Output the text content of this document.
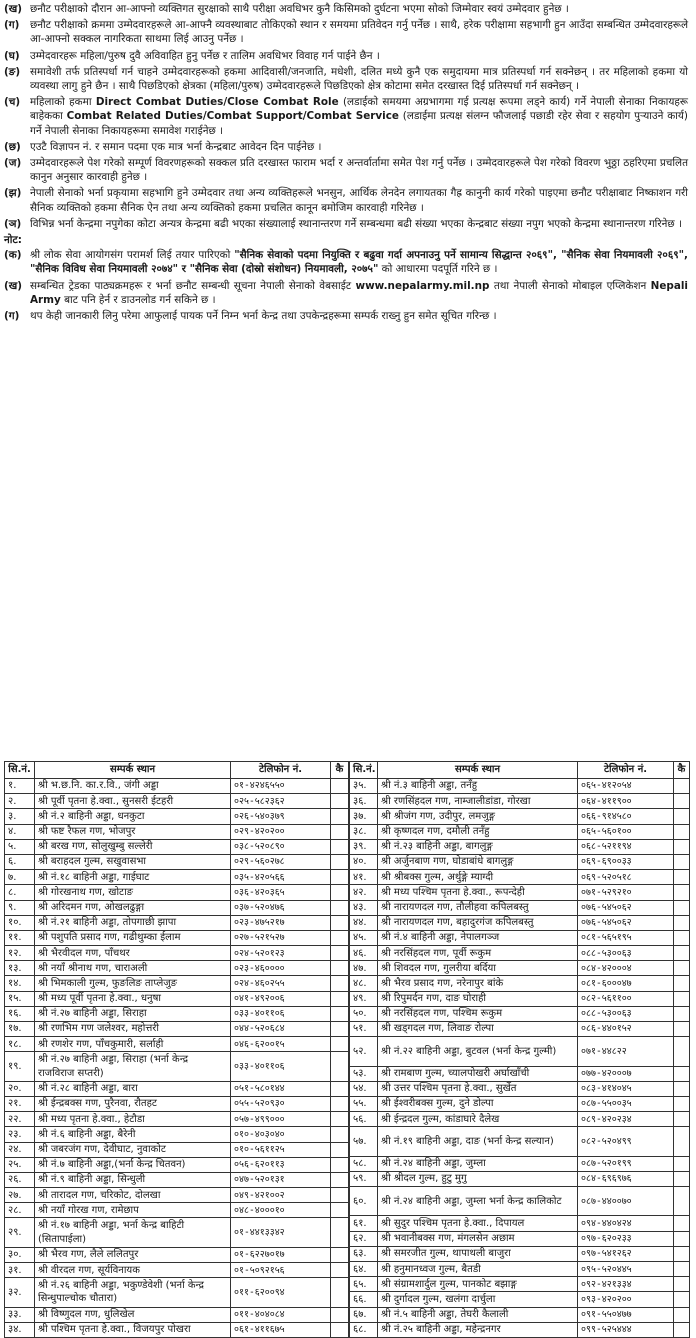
(ख) छनौट परीक्षाको दौरान आ-आफ्नो व्यक्तिगत सुरक्षाको साथै परीक्षा अवधिभर कुनै किसिमको दुर्घटना भएमा सोको जिम्मेवार स्वयं उम्मेदवार हुनेछ ।
(ग)	छनौट परीक्षाको क्रममा उम्मेदवारहरूले आ-आफ्नै व्यवस्थाबाट तोकिएको स्थान र समयमा प्रतिवेदन गर्नु पर्नेछ । साथै, हरेक परीक्षामा सहभागी हुन आउँदा सम्बन्धित उम्मेदवारहरूले आ-आफ्नो सक्कल नागरिकता साथमा लिई आउनु पर्नेछ ।
(घ) उम्मेदवारहरू महिला/पुरुष दुवै अविवाहित हुनु पर्नेछ र तालिम अवधिभर विवाह गर्न पाईने छैन ।
(ङ) समावेशी तर्फ प्रतिस्पर्धा गर्न चाहने उम्मेदवारहरूको हकमा आदिवासी/जनजाति, मधेशी, दलित मध्ये कुनै एक समुदायमा मात्र प्रतिस्पर्धा गर्न सक्नेछन् । तर महिलाको हकमा यो व्यवस्था लागु हुने छैन । साथै पिछडिएको क्षेत्रका (महिला/पुरुष) उम्मेदवारहरूले पिछडिएको क्षेत्र कोटामा समेत दरखास्त दिई प्रतिस्पर्धा गर्न सक्नेछन् ।
(च) महिलाको हकमा Direct Combat Duties/Close Combat Role (लडाईको समयमा अग्रभागमा गई प्रत्यक्ष रूपमा लड्ने कार्य) गर्ने नेपाली सेनाका निकायहरू बाहेकका Combat Related Duties/Combat Support/Combat Service (लडाईमा प्रत्यक्ष संलग्न फौजलाई पछाडी रहेर सेवा र सहयोग पुऱ्याउने कार्य) गर्ने नेपाली सेनाका निकायहरूमा समावेश गराईनेछ ।
(छ) एउटै विज्ञापन नं. र समान पदमा एक मात्र भर्ना केन्द्रबाट आवेदन दिन पाईनेछ ।
(ज) उम्मेदवारहरूले पेश गरेको सम्पूर्ण विवरणहरूको सक्कल प्रति दरखास्त फाराम भर्दा र अन्तर्वार्तामा समेत पेश गर्नु पर्नेछ । उम्मेदवारहरूले पेश गरेको विवरण भुठ्ठा ठहरिएमा प्रचलित कानुन अनुसार कारवाही हुनेछ ।
(झ) नेपाली सेनाको भर्ना प्रकृयामा सहभागि हुने उम्मेदवार तथा अन्य व्यक्तिहरूले भनसुन, आर्थिक लेनदेन लगायतका गैह्र कानुनी कार्य गरेको पाइएमा छनौट परीक्षाबाट निष्काशन गरी सैनिक व्यक्तिको हकमा सैनिक ऐन तथा अन्य व्यक्तिको हकमा प्रचलित कानून बमोजिम कारवाही गरिनेछ ।
(ञ) विभिन्न भर्ना केन्द्रमा नपुगेका कोटा अन्यत्र केन्द्रमा बढी भएका संख्यालाई स्थानान्तरण गर्ने सम्बन्धमा बढी संख्या भएका केन्द्रबाट संख्या नपुग भएको केन्द्रमा स्थानान्तरण गरिनेछ ।
नोट:
(क) श्री लोक सेवा आयोगसंग परामर्श लिई तयार पारिएको "सैनिक सेवाको पदमा नियुक्ति र बढुवा गर्दा अपनाउनु पर्ने सामान्य सिद्धान्त २०६९", "सैनिक सेवा नियमावली २०६९", "सैनिक विविध सेवा नियमावली २०७४" र "सैनिक सेवा (दोस्रो संशोधन) नियमावली, २०७५" को आधारमा पदपूर्ति गरिने छ ।
(ख) सम्बन्धित ट्रेडका पाठ्यक्रमहरू र भर्ना छनौट सम्बन्धी सूचना नेपाली सेनाको वेबसाईट www.nepalarmy.mil.np तथा नेपाली सेनाको मोबाइल एप्लिकेशन Nepali Army बाट पनि हेर्न र डाउनलोड गर्न सकिने छ ।
(ग)	थप केही जानकारी लिनु परेमा आफुलाई पायक पर्ने निम्न भर्ना केन्द्र तथा उपकेन्द्रहरूमा सम्पर्क राख्नु हुन समेत सूचित गरिन्छ ।
सि.नं.	सम्पर्क स्थान	टेलिफोन नं.	कै
१.	श्री भ.छ.नि. का.र.वि., जंगी अड्डा	०१-४२४६५५०	
२.	श्री पूर्वी पृतना हे.क्वा., सुनसरी ईटहरी	०२५-५८२३६२	
३.	श्री नं.२ बाहिनी अड्डा, धनकुटा	०२६-५४०३७९	
४.	श्री फष्ट रैफल गण, भोजपुर	०२९-४२०२००	
५.	श्री बरख गण, सोलुखुम्बु सल्लेरी	०३८-५२०८९०	
६.	श्री बराहदल गुल्म, सखुवासभा	०२९-५६०२७८	
७.	श्री नं.१८ बाहिनी अड्डा, गाईघाट	०३५-४२०५६६	
८.	श्री गोरखनाथ गण, खोटाङ	०३६-४२०३६५	
९.	श्री अरिदमन गण, ओखलढुङ्गा	०३७-५२०४७६	
१०.	श्री नं.२१ बाहिनी अड्डा, तोपगाछी झापा	०२३-४७५२१७	
११.	श्री पशुपति प्रसाद गण, गढीथुम्का ईलाम	०२७-५२१५२७	
१२.	श्री भैरवीदल गण, पाँचथर	०२४-५२०१२३	
१३.	श्री नयाँ श्रीनाथ गण, चाराअली	०२३-४६००००	
१४.	श्री भिमकाली गुल्म, फुङलिङ ताप्लेजुङ	०२४-४६०२५५	
१५.	श्री मध्य पूर्वी पृतना हे.क्वा., धनुषा	०४१-४९२००६	
१६.	श्री नं.२७ बाहिनी अड्डा, सिराहा	०३३-४०११०६	
१७.	श्री रणभिम गण जलेश्वर, महोत्तरी	०४४-५२०६८४	
१८.	श्री रणशेर गण, पाँचकुमारी, सर्लाही	०४६-६२००१५	
१९.	श्री नं.२७ बाहिनी अड्डा, सिराहा (भर्ना केन्द्र राजविराज सप्तरी)	०३३-४०११०६	
२०.	श्री नं.२८ बाहिनी अड्डा, बारा	०५१-५८०१४४	
२१.	श्री ईन्द्रबक्स गण, पुरैनवा, रौतहट	०५५-५२०९३०	
२२.	श्री मध्य पृतना हे.क्वा., हेटौडा	०५७-४९९०००	
२३.	श्री नं.६ बाहिनी अड्डा, बैरेनी	०१०-४०३०४०	
२४.	श्री जबरजंग गण, देवीघाट, नुवाकोट	०१०-५६११२५	
२५.	श्री नं.७ बाहिनी अड्डा,(भर्ना केन्द्र चितवन)	०५६-६२०११३	
२६.	श्री नं.९ बाहिनी अड्डा, सिन्धुली	०४७-५२०१३१	
२७.	श्री तारादल गण, चरिकोट, दोलखा	०४९-४२१००२	
२८.	श्री नयाँ गोरख गण, रामेछाप	०४८-४०००१०	
२९.	श्री नं.१७ बाहिनी अड्डा, भर्ना केन्द्र बाहिटी (सितापाईला)	०१-४४१३३४२	
३०.	श्री भैरव गण, लैले ललितपुर	०१-६२२७०१७	
३१.	श्री वीरदल गण, सूर्यविनायक	०१-५०९२१५६	
३२.	श्री नं.२६ बाहिनी अड्डा, भकुण्डेवेशी (भर्ना केन्द्र सिन्धुपाल्चोक चौतारा)	०११-६२००९४	
३३.	श्री विष्णुदल गण, धुलिखेल	०११-४०४०८४	
३४.	श्री पश्चिम पृतना हे.क्वा., विजयपुर पोखरा	०६१-४११६७५	
सि.नं.	सम्पर्क स्थान	टेलिफोन नं.	कै
३५.	श्री नं.३ बाहिनी अड्डा, तनँहु	०६५-४१२०५४	
३६.	श्री रणसिंहदल गण, नाम्जालीडांडा, गोरखा	०६४-४११९००	
३७.	श्री श्रीजंग गण, उदीपुर, लमजुङ्ग	०६६-९१४५८०	
३८.	श्री कृष्णदल गण, दमौली तनँहु	०६५-५६०१००	
३९.	श्री नं.२३ बाहिनी अड्डा, बागलुङ्ग	०६८-५२११९४	
४०.	श्री अर्जुनबाण गण, घोडाबांधे बागलुङ्ग	०६९-६९००३३	
४१.	श्री श्रीबक्स गुल्म, अर्थुङ्गे म्याग्दी	०६९-५२०५१८	
४२.	श्री मध्य पश्चिम पृतना हे.क्वा., रूपन्देही	०७१-५२९२१०	
४३.	श्री नारायणदल गण, तौलीहवा कपिलबस्तु	०७६-५४५०६२	
४४.	श्री नारायणदल गण, बहादुरगंज कपिलबस्तु	०७६-५४५०६२	
४५.	श्री नं.४ बाहिनी अड्डा, नेपालगञ्ज	०८१-५६५१९५	
४६.	श्री नरसिंहदल गण, पूर्वी रूकुम	०८८-५३००६३	
४७.	श्री शिवदल गण, गुलरीया बर्दिया	०८४-४२०००४	
४८.	श्री भैरव प्रसाद गण, नरेनापुर बांके	०८१-६०००४७	
४९.	श्री रिपुमर्दन गण, दाङ घोराही	०८२-५६११००	
५०.	श्री नरसिंहदल गण, पश्चिम रूकुम	०८८-५३००६३	
५१.	श्री खड्गदल गण, लिवाङ रोल्पा	०८६-४४०१५२	
५२.	श्री नं.२२ बाहिनी अड्डा, बुटवल (भर्ना केन्द्र गुल्मी)	०७१-४४८२२	
५३.	श्री रामबाण गुल्म, च्यालपोखरी अर्घाखाँची	०७७-४२०००७	
५४.	श्री उत्तर पश्चिम पृतना हे.क्वा., सुर्खेत	०८३-४१४०४५	
५५.	श्री ईश्वरीबक्स गुल्म, दुने डोल्पा	०८७-५५००३५	
५६.	श्री ईन्द्रदल गुल्म, कांडाघारे दैलेख	०८९-४२०२३४	
५७.	श्री नं.१९ बाहिनी अड्डा, दाङ (भर्ना केन्द्र सल्यान)	०८२-५२०४९९	
५८.	श्री नं.२४ बाहिनी अड्डा, जुम्ला	०८७-५२०१९९	
५९.	श्री श्रीदल गुल्म, हुटु मुगु	०८४-६९६९७६	
६०.	श्री नं.२४ बाहिनी अड्डा, जुम्ला भर्ना केन्द्र कालिकोट	०८७-४४००७०	
६१.	श्री सुदुर पश्चिम पृतना हे.क्वा., दिपायल	०९४-४४०४२४	
६२.	श्री भवानीबक्स गण, मंगलसेन अछाम	०९७-६२०२३३	
६३.	श्री समरजीत गुल्म, थापाथली बाजुरा	०९७-५४१२६२	
६४.	श्री हनुमानध्वज गुल्म, बैतडी	०९५-५२०४४५	
६५.	श्री संग्रामशार्दुल गुल्म, पानकोट बझाङ्ग	०९२-४२१३३४	
६६.	श्री दुर्गादल गुल्म, खलंगा दार्चुला	०९३-४२०२००	
६७.	श्री नं.५ बाहिनी अड्डा, तेघरी कैलाली	०९१-५५०४७७	
६८.	श्री नं.२५ बाहिनी अड्डा, महेन्द्रनगर	०९९-५२५४४४	
